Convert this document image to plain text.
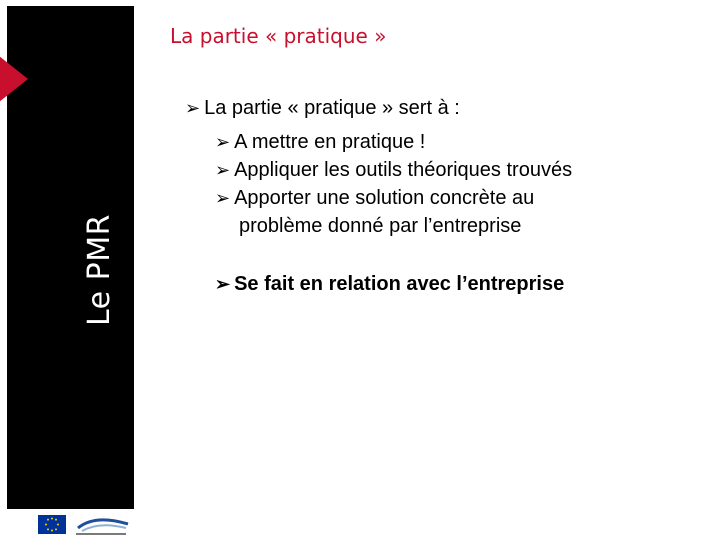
Le PMR
La partie « pratique »
➢ La partie « pratique » sert à :
➢ A mettre en pratique !
➢ Appliquer les outils théoriques trouvés
➢ Apporter une solution concrète au
problème donné par l’entreprise
➢ Se fait en relation avec l’entreprise
